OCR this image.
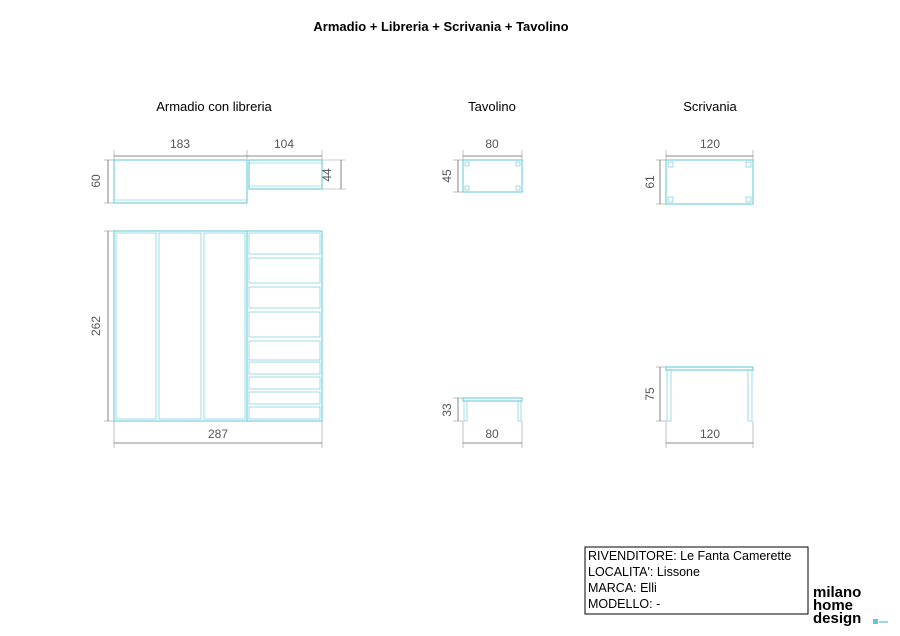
Armadio + Libreria + Scrivania + Tavolino
Armadio con libreria
183	104
60	44
262
287
Tavolino
80
45
33
80
Scrivania
120
61
75
120
RIVENDITORE: Le Fanta Camerette
LOCALITA': Lissone
MARCA: Elli
MODELLO: -
milano
home
design
